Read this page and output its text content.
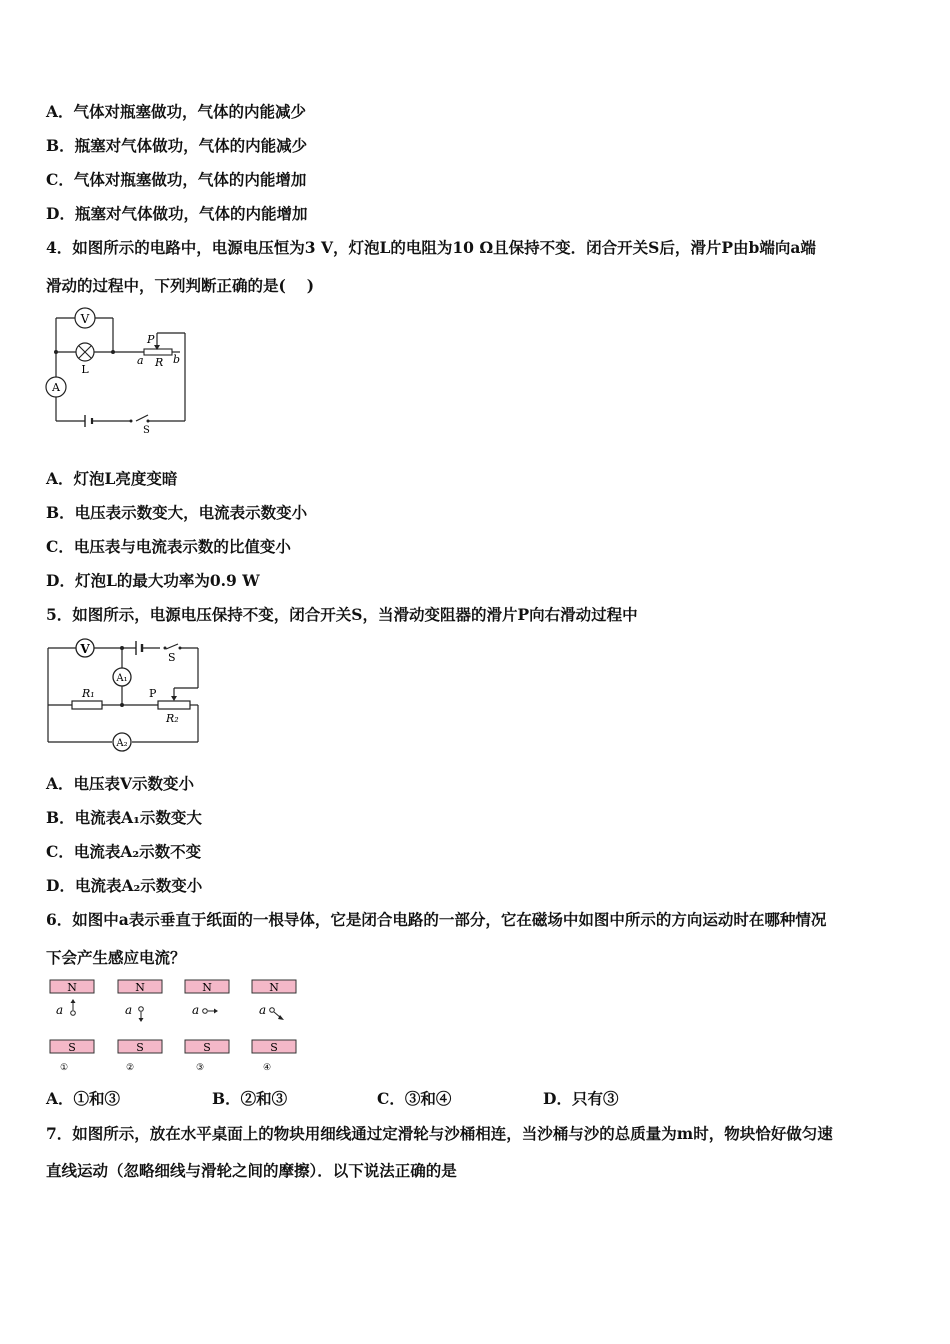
A．气体对瓶塞做功，气体的内能减少
B．瓶塞对气体做功，气体的内能减少
C．气体对瓶塞做功，气体的内能增加
D．瓶塞对气体做功，气体的内能增加
4．如图所示的电路中，电源电压恒为3 V，灯泡L的电阻为10 Ω且保持不变．闭合开关S后，滑片P由b端向a端
滑动的过程中，下列判断正确的是(　 )
V
L
A
P
a R b
S
A．灯泡L亮度变暗
B．电压表示数变大，电流表示数变小
C．电压表与电流表示数的比值变小
D．灯泡L的最大功率为0.9 W
5．如图所示，电源电压保持不变，闭合开关S，当滑动变阻器的滑片P向右滑动过程中
V
A₁
A₂
R₁	P
R₂
S
A．电压表V示数变小
B．电流表A₁示数变大
C．电流表A₂示数不变
D．电流表A₂示数变小
6．如图中a表示垂直于纸面的一根导体，它是闭合电路的一部分，它在磁场中如图中所示的方向运动时在哪种情况
下会产生感应电流？
N
a
S
①
N
a
S
②
N
a
S
③
N
a
S
④
A．①和③	B．②和③	C．③和④	D．只有③
7．如图所示，放在水平桌面上的物块用细线通过定滑轮与沙桶相连，当沙桶与沙的总质量为m时，物块恰好做匀速
直线运动（忽略细线与滑轮之间的摩擦）．以下说法正确的是
